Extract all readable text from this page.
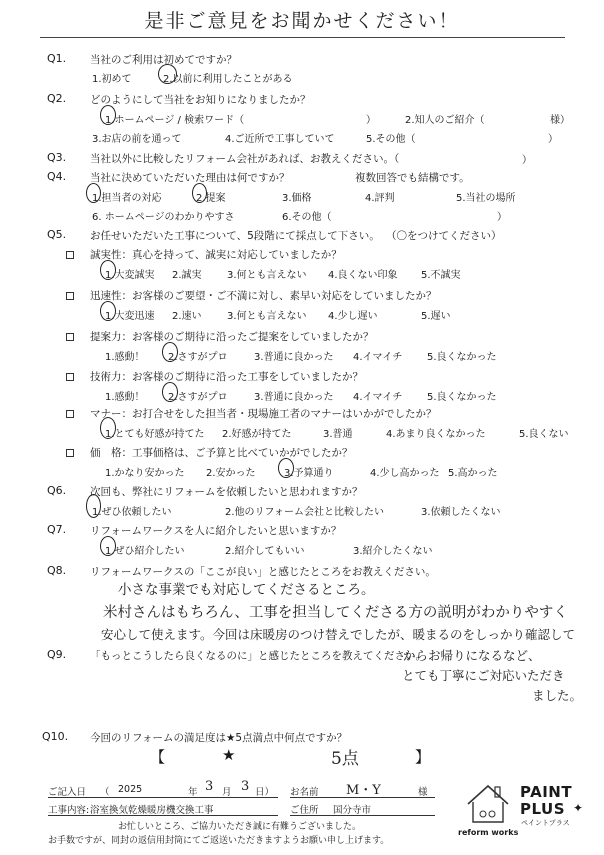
是非ご意見をお聞かせください！
Q1. 当社のご利用は初めてですか？
1.初めて	2.以前に利用したことがある
Q2. どのようにして当社をお知りになりましたか？
1.ホームページ / 検索ワード（	）	2.知人のご紹介（	様）
3.お店の前を通って	4.ご近所で工事していて	5.その他（	）
Q3. 当社以外に比較したリフォーム会社があれば、お教えください。（	）
Q4. 当社に決めていただいた理由は何ですか？	複数回答でも結構です。
1.担当者の対応	2.提案	3.価格	4.評判	5.当社の場所
6. ホームページのわかりやすさ	6.その他（	）
Q5. お任せいただいた工事について、5段階にて採点して下さい。 （〇をつけてください）
誠実性：真心を持って、誠実に対応していましたか？
1.大変誠実 2.誠実	3.何とも言えない 4.良くない印象 5.不誠実
迅速性：お客様のご要望・ご不満に対し、素早い対応をしていましたか？
1.大変迅速 2.速い	3.何とも言えない 4.少し遅い	5.遅い
提案力：お客様のご期待に沿ったご提案をしていましたか？
1.感動！ 2.さすがプロ	3.普通に良かった 4.イマイチ 5.良くなかった
技術力：お客様のご期待に沿った工事をしていましたか？
1.感動！ 2.さすがプロ	3.普通に良かった 4.イマイチ 5.良くなかった
マナー：お打合せをした担当者・現場施工者のマナーはいかがでしたか？
1.とても好感が持てた 2.好感が持てた	3.普通	4.あまり良くなかった	5.良くない
価　格：工事価格は、ご予算と比べていかがでしたか？
1.かなり安かった 2.安かった	3.予算通り	4.少し高かった 5.高かった
Q6. 次回も、弊社にリフォームを依頼したいと思われますか？
1.ぜひ依頼したい	2.他のリフォーム会社と比較したい	3.依頼したくない
Q7. リフォームワークスを人に紹介したいと思いますか？
1.ぜひ紹介したい	2.紹介してもいい	3.紹介したくない
Q8. リフォームワークスの「ここが良い」と感じたところをお教えください。
小さな事業でも対応してくださるところ。
米村さんはもちろん、工事を担当してくださる方の説明がわかりやすく
安心して使えます。今回は床暖房のつけ替えでしたが、暖まるのをしっかり確認して
からお帰りになるなど、
とても丁寧にご対応いただき
ました。
Q9. 「もっとこうしたら良くなるのに」と感じたところを教えてください。
Q10. 今回のリフォームの満足度は★5点満点中何点ですか？
【	★	5点	】
ご記入日 （ 2025	年 3 月 3 日） お名前 M・Y	様
工事内容: 浴室換気乾燥暖房機交換工事	ご住所 国分寺市
お忙しいところ、ご協力いただき誠に有難うございました。
お手数ですが、同封の返信用封筒にてご返送いただきますようお願い申し上げます。
reform works
PAINT
PLUS ✦
ペイントプラス
